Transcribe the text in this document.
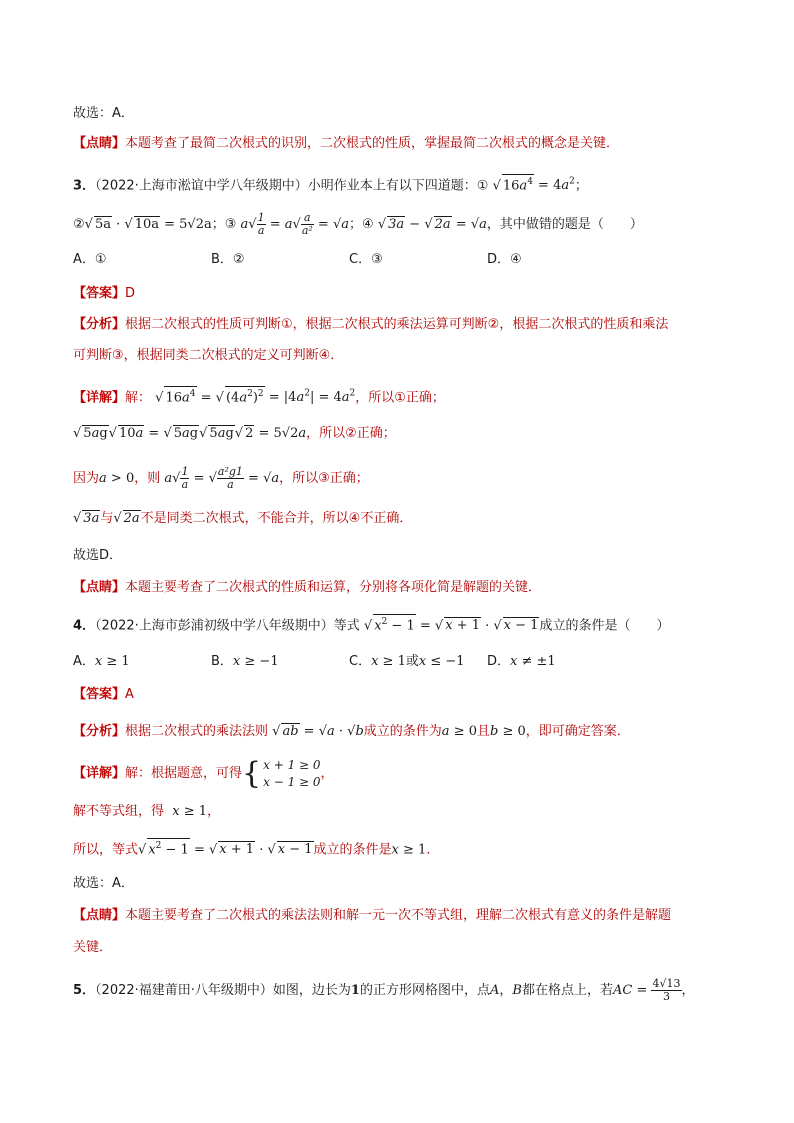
故选：A．
【点睛】本题考查了最简二次根式的识别，二次根式的性质，掌握最简二次根式的概念是关键．
3．（2022·上海市淞谊中学八年级期中）小明作业本上有以下四道题：① √ $16a^4 = 4a^2$；
②√ 5a · √ 10a = 5√2a；③ $a√ \frac{1}{a} = a√ \frac{a}{\text{a²}} = √a$；④ √ 3a − √ 2a = √a，其中做错的题是（　　）
A．①	B．②	C．③	D．④
【答案】D
【分析】根据二次根式的性质可判断①，根据二次根式的乘法运算可判断②，根据二次根式的性质和乘法
可判断③，根据同类二次根式的定义可判断④．
【详解】解： √ $16a^4$ = √ $(4a^2)^2 = |4a^2| = 4a^2$，所以①正确；
√ 5ag√ 10a = √ 5ag√ 5ag√ 2 = 5√2a，所以②正确；
因为a > 0，则 $a√ \frac{1}{a}$ = √ $\frac{\text{a²g1}}{a} = √a$，所以③正确；
√ 3a与√ 2a不是同类二次根式，不能合并，所以④不正确．
故选D．
【点睛】本题主要考查了二次根式的性质和运算，分别将各项化简是解题的关键．
4．（2022·上海市彭浦初级中学八年级期中）等式 √ $x^2 - 1$ = √ x + 1 · √ x − 1成立的条件是（　　）
A．x ≥ 1	B．x ≥ −1	C．x ≥ 1或x ≤ −1 D．x ≠ ±1
【答案】A
【分析】根据二次根式的乘法法则 √ ab = √a · √b成立的条件为a ≥ 0且b ≥ 0，即可确定答案．
【详解】解：根据题意，可得{ x + 1 ≥ 0
x − 1 ≥ 0
，
解不等式组，得 x ≥ 1，
所以，等式√ $x^2 - 1$ = √ x + 1 · √ x − 1成立的条件是x ≥ 1．
故选：A．
【点睛】本题主要考查了二次根式的乘法法则和解一元一次不等式组，理解二次根式有意义的条件是解题
关键．
5．（2022·福建莆田·八年级期中）如图，边长为1的正方形网格图中，点A，B都在格点上，若AC = $\frac{4√13}{3}$ ，
